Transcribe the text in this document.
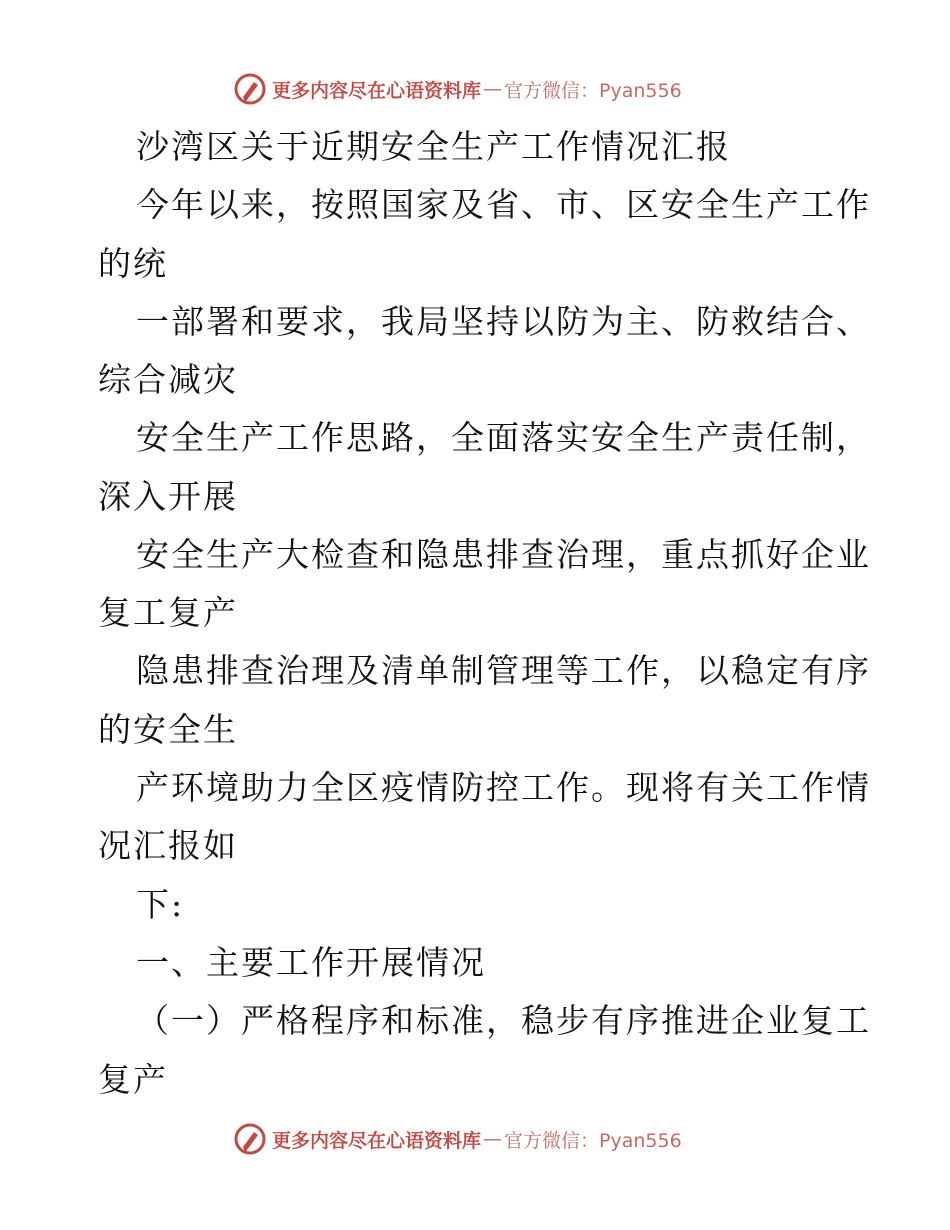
更多内容尽在心语资料库 — 官方微信：Pyan556
沙湾区关于近期安全生产工作情况汇报
今年以来，按照国家及省、市、区安全生产工作
的统
一部署和要求，我局坚持以防为主、防救结合、
综合减灾
安全生产工作思路，全面落实安全生产责任制，
深入开展
安全生产大检查和隐患排查治理，重点抓好企业
复工复产
隐患排查治理及清单制管理等工作，以稳定有序
的安全生
产环境助力全区疫情防控工作。现将有关工作情
况汇报如
下:
一、主要工作开展情况
（一）严格程序和标准，稳步有序推进企业复工
复产
更多内容尽在心语资料库 — 官方微信：Pyan556
